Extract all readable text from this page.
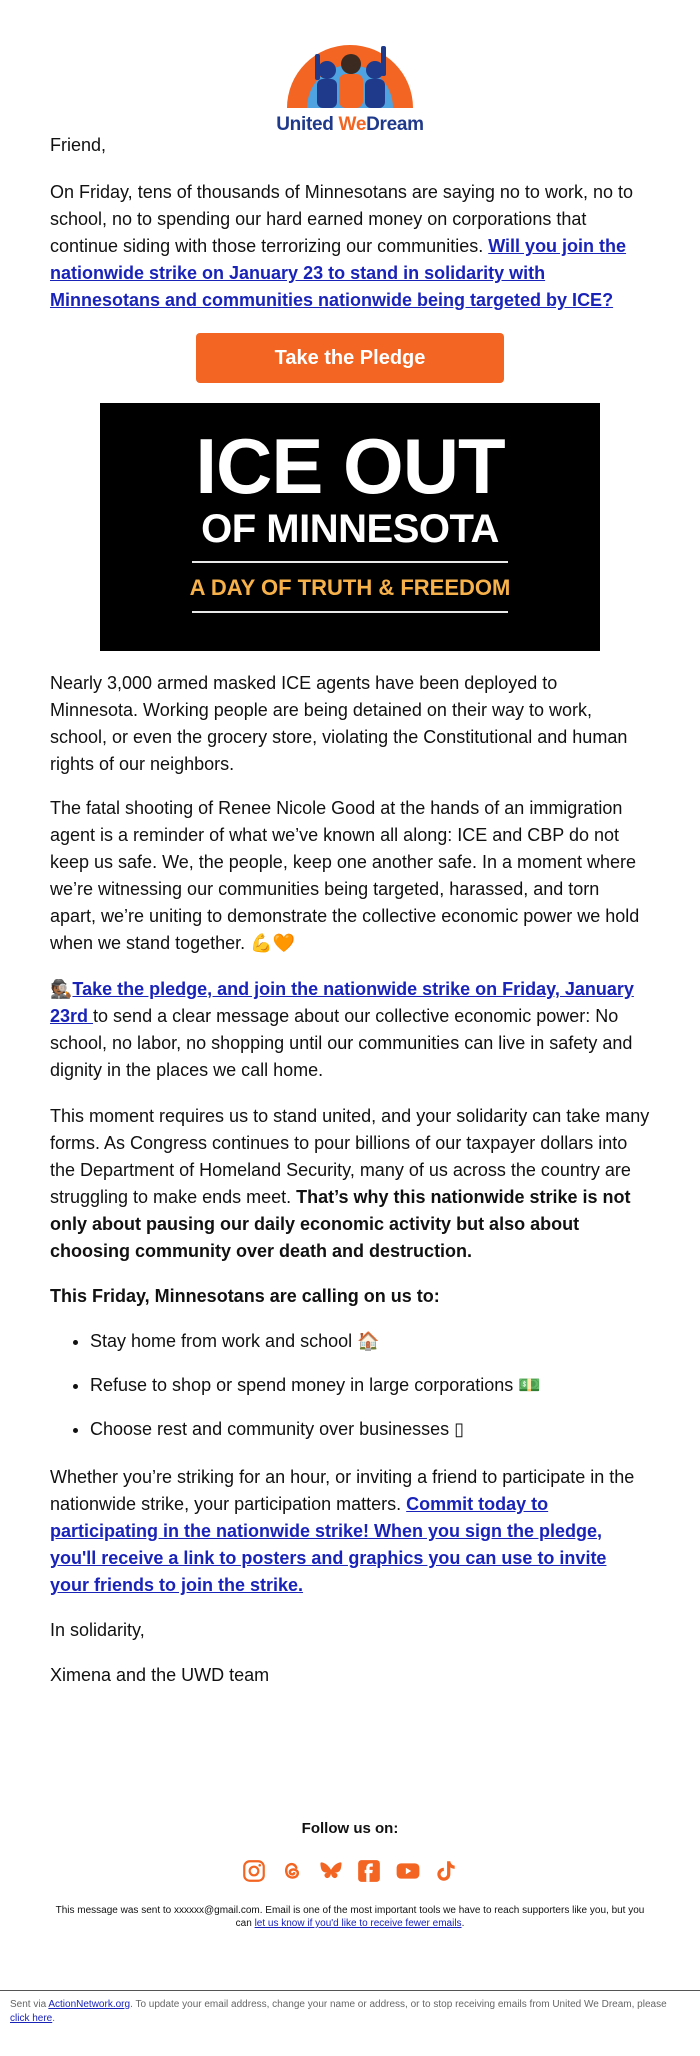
United WeDream

Friend,

On Friday, tens of thousands of Minnesotans are saying no to work, no to school, no to spending our hard earned money on corporations that continue siding with those terrorizing our communities. Will you join the nationwide strike on January 23 to stand in solidarity with Minnesotans and communities nationwide being targeted by ICE?

Take the Pledge
ICE OUT
OF MINNESOTA
A DAY OF TRUTH & FREEDOM

Nearly 3,000 armed masked ICE agents have been deployed to Minnesota. Working people are being detained on their way to work, school, or even the grocery store, violating the Constitutional and human rights of our neighbors.

The fatal shooting of Renee Nicole Good at the hands of an immigration agent is a reminder of what we’ve known all along: ICE and CBP do not keep us safe. We, the people, keep one another safe. In a moment where we’re witnessing our communities being targeted, harassed, and torn apart, we’re uniting to demonstrate the collective economic power we hold when we stand together. 💪🧡

🕵🏾Take the pledge, and join the nationwide strike on Friday, January 23rd to send a clear message about our collective economic power: No school, no labor, no shopping until our communities can live in safety and dignity in the places we call home.

This moment requires us to stand united, and your solidarity can take many forms. As Congress continues to pour billions of our taxpayer dollars into the Department of Homeland Security, many of us across the country are struggling to make ends meet. That’s why this nationwide strike is not only about pausing our daily economic activity but also about choosing community over death and destruction.

This Friday, Minnesotans are calling on us to:

• Stay home from work and school 🏠
• Refuse to shop or spend money in large corporations 💵
• Choose rest and community over businesses ▯

Whether you’re striking for an hour, or inviting a friend to participate in the nationwide strike, your participation matters. Commit today to participating in the nationwide strike! When you sign the pledge, you'll receive a link to posters and graphics you can use to invite your friends to join the strike.

In solidarity,

Ximena and the UWD team

Follow us on:

This message was sent to xxxxxx@gmail.com. Email is one of the most important tools we have to reach supporters like you, but you can let us know if you'd like to receive fewer emails.
Sent via ActionNetwork.org. To update your email address, change your name or address, or to stop receiving emails from United We Dream, please click here.
